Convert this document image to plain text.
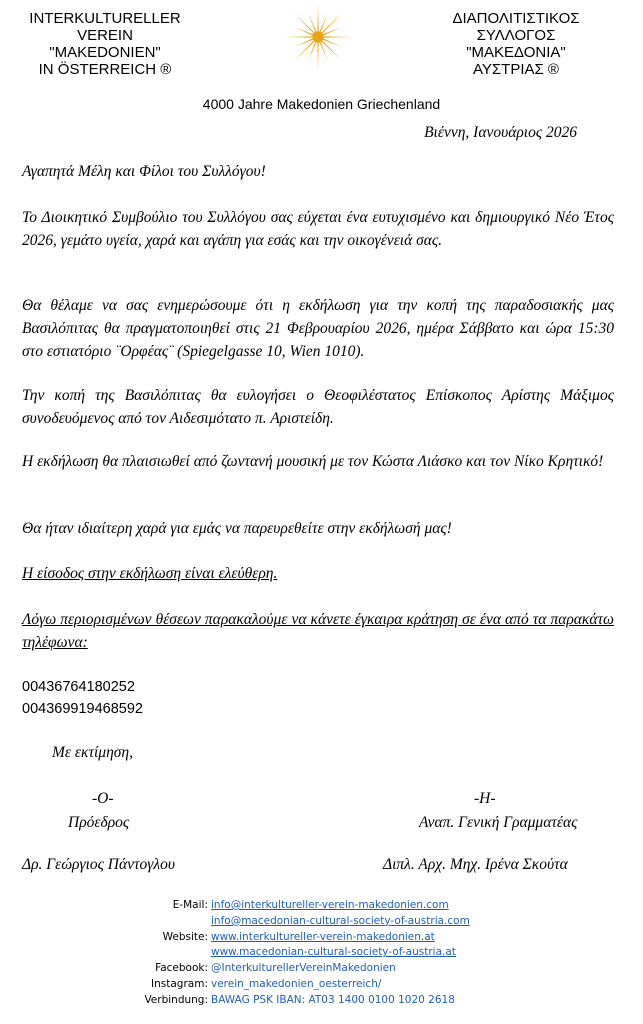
INTERKULTURELLER
VEREIN
"MAKEDONIEN"
IN ÖSTERREICH ®
ΔΙΑΠΟΛΙΤΙΣΤΙΚΟΣ
ΣΥΛΛΟΓΟΣ
"ΜΑΚΕΔΟΝΙΑ"
ΑΥΣΤΡΙΑΣ ®
4000 Jahre Makedonien Griechenland
Βιέννη, Ιανουάριος 2026

Αγαπητά Μέλη και Φίλοι του Συλλόγου!

Το Διοικητικό Συμβούλιο του Συλλόγου σας εύχεται ένα ευτυχισμένο και δημιουργικό Νέο Έτος 2026, γεμάτο υγεία, χαρά και αγάπη για εσάς και την οικογένειά σας.

Θα θέλαμε να σας ενημερώσουμε ότι η εκδήλωση για την κοπή της παραδοσιακής μας Βασιλόπιτας θα πραγματοποιηθεί στις 21 Φεβρουαρίου 2026, ημέρα Σάββατο και ώρα 15:30 στο εστιατόριο ¨Ορφέας¨ (Spiegelgasse 10, Wien 1010).

Την κοπή της Βασιλόπιτας θα ευλογήσει ο Θεοφιλέστατος Επίσκοπος Αρίστης Μάξιμος συνοδευόμενος από τον Αιδεσιμότατο π. Αριστείδη.

Η εκδήλωση θα πλαισιωθεί από ζωντανή μουσική με τον Κώστα Λιάσκο και τον Νίκο Κρητικό!

Θα ήταν ιδιαίτερη χαρά για εμάς να παρευρεθείτε στην εκδήλωσή μας!

Η είσοδος στην εκδήλωση είναι ελεύθερη.

Λόγω περιορισμένων θέσεων παρακαλούμε να κάνετε έγκαιρα κράτηση σε ένα από τα παρακάτω τηλέφωνα:

00436764180252
004369919468592
Με εκτίμηση,
-Ο-
Πρόεδρος
Δρ. Γεώργιος Πάντογλου
-Η-
Αναπ. Γενική Γραμματέας
Διπλ. Αρχ. Μηχ. Ιρένα Σκούτα
E-Mail: info@interkultureller-verein-makedonien.com
info@macedonian-cultural-society-of-austria.com
Website: www.interkultureller-verein-makedonien.at
www.macedonian-cultural-society-of-austria.at
Facebook: @InterkulturellerVereinMakedonien
Instagram: verein_makedonien_oesterreich/
Verbindung: BAWAG PSK IBAN: AT03 1400 0100 1020 2618
